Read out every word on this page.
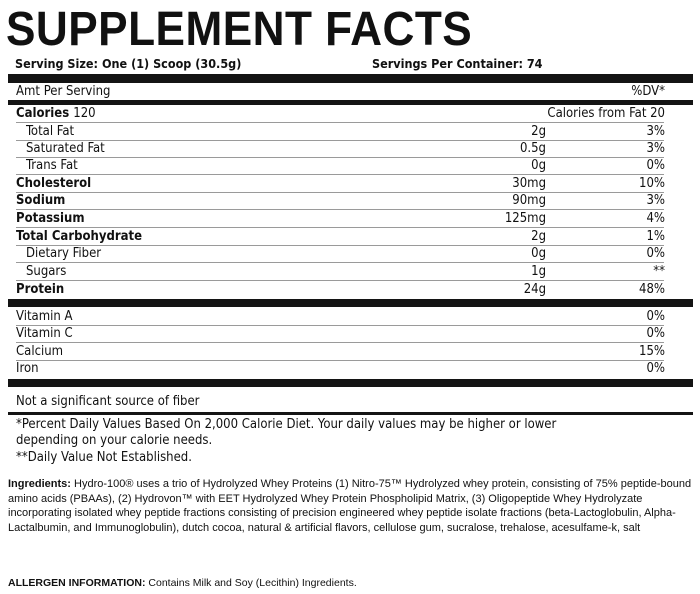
SUPPLEMENT FACTS
Serving Size: One (1) Scoop (30.5g)	Servings Per Container: 74
Amt Per Serving	%DV*
Calories 120	Calories from Fat 20
Total Fat	2g	3%
Saturated Fat	0.5g	3%
Trans Fat	0g	0%
Cholesterol	30mg	10%
Sodium	90mg	3%
Potassium	125mg	4%
Total Carbohydrate	2g	1%
Dietary Fiber	0g	0%
Sugars	1g	**
Protein	24g	48%
Vitamin A	0%
Vitamin C	0%
Calcium	15%
Iron	0%
Not a significant source of fiber
*Percent Daily Values Based On 2,000 Calorie Diet. Your daily values may be higher or lower
depending on your calorie needs.
**Daily Value Not Established.
Ingredients: Hydro-100® uses a trio of Hydrolyzed Whey Proteins (1) Nitro-75™ Hydrolyzed whey protein, consisting of 75% peptide-bound amino acids (PBAAs), (2) Hydrovon™ with EET Hydrolyzed Whey Protein Phospholipid Matrix, (3) Oligopeptide Whey Hydrolyzate incorporating isolated whey peptide fractions consisting of precision engineered whey peptide isolate fractions (beta-Lactoglobulin, Alpha-Lactalbumin, and Immunoglobulin), dutch cocoa, natural & artificial flavors, cellulose gum, sucralose, trehalose, acesulfame-k, salt
ALLERGEN INFORMATION: Contains Milk and Soy (Lecithin) Ingredients.
